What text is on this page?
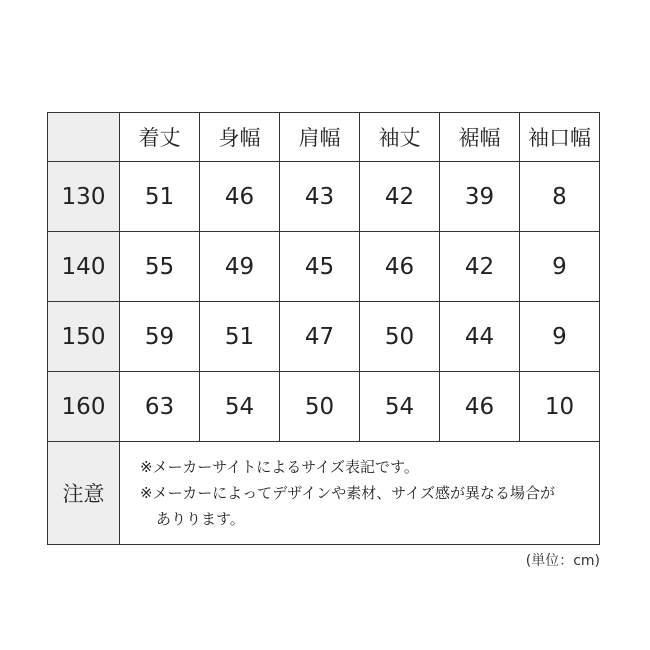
	着丈	身幅	肩幅	袖丈	裾幅	袖口幅
130	51	46	43	42	39	8
140	55	49	45	46	42	9
150	59	51	47	50	44	9
160	63	54	50	54	46	10
注意	※メーカーサイトによるサイズ表記です。
※メーカーによってデザインや素材、サイズ感が異なる場合が
ありります。					
(単位：cm)
